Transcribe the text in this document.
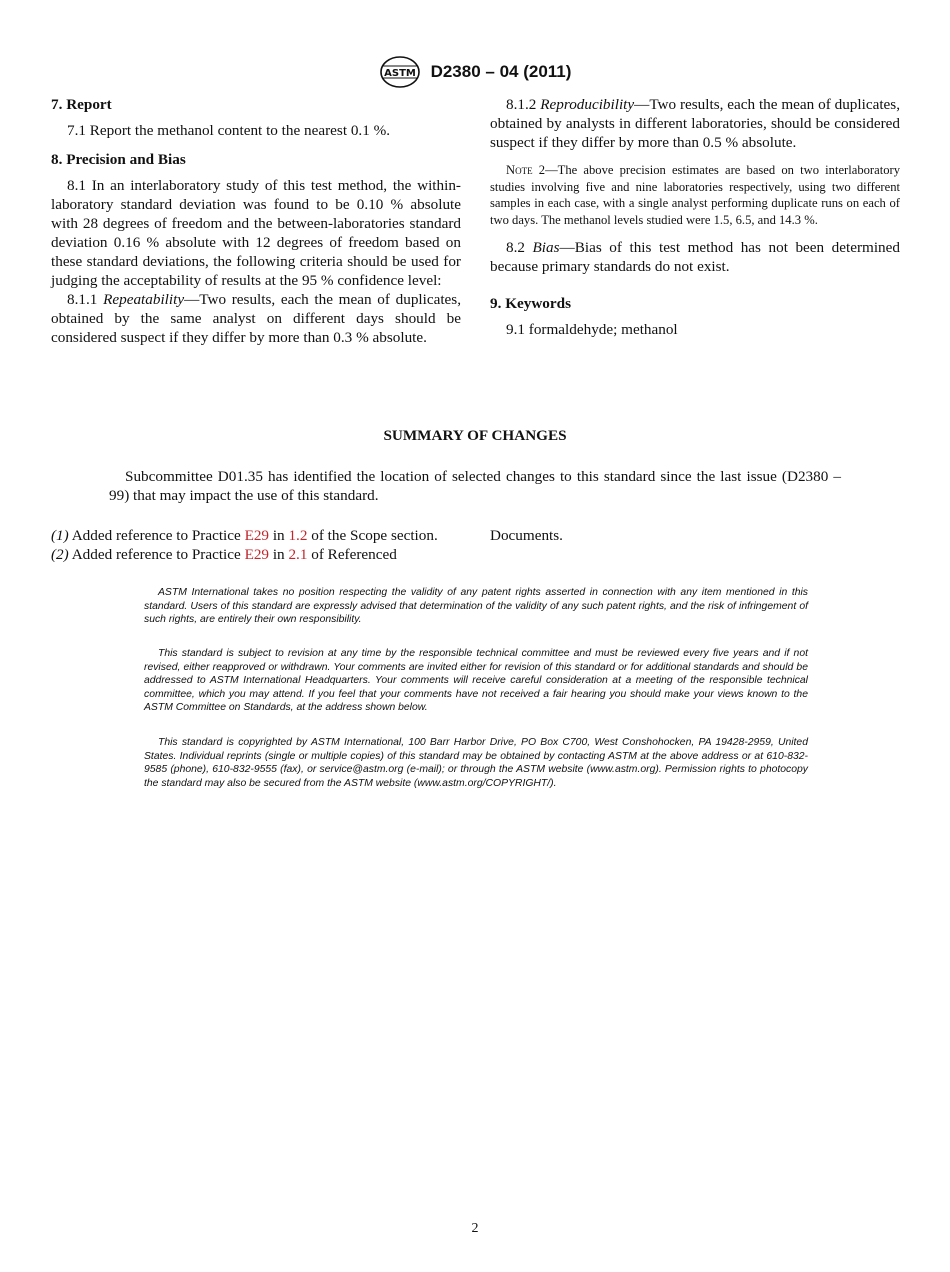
ASTM D2380 – 04 (2011)
7. Report

7.1 Report the methanol content to the nearest 0.1 %.

8. Precision and Bias

8.1 In an interlaboratory study of this test method, the within-laboratory standard deviation was found to be 0.10 % absolute with 28 degrees of freedom and the between-laboratories standard deviation 0.16 % absolute with 12 degrees of freedom based on these standard deviations, the following criteria should be used for judging the acceptability of results at the 95 % confidence level:

8.1.1 Repeatability—Two results, each the mean of duplicates, obtained by the same analyst on different days should be considered suspect if they differ by more than 0.3 % absolute.

8.1.2 Reproducibility—Two results, each the mean of duplicates, obtained by analysts in different laboratories, should be considered suspect if they differ by more than 0.5 % absolute.

Note 2—The above precision estimates are based on two interlaboratory studies involving five and nine laboratories respectively, using two different samples in each case, with a single analyst performing duplicate runs on each of two days. The methanol levels studied were 1.5, 6.5, and 14.3 %.

8.2 Bias—Bias of this test method has not been determined because primary standards do not exist.

9. Keywords

9.1 formaldehyde; methanol

SUMMARY OF CHANGES

Subcommittee D01.35 has identified the location of selected changes to this standard since the last issue (D2380 – 99) that may impact the use of this standard.

(1) Added reference to Practice E29 in 1.2 of the Scope section.
(2) Added reference to Practice E29 in 2.1 of Referenced
Documents.

ASTM International takes no position respecting the validity of any patent rights asserted in connection with any item mentioned in this standard. Users of this standard are expressly advised that determination of the validity of any such patent rights, and the risk of infringement of such rights, are entirely their own responsibility.

This standard is subject to revision at any time by the responsible technical committee and must be reviewed every five years and if not revised, either reapproved or withdrawn. Your comments are invited either for revision of this standard or for additional standards and should be addressed to ASTM International Headquarters. Your comments will receive careful consideration at a meeting of the responsible technical committee, which you may attend. If you feel that your comments have not received a fair hearing you should make your views known to the ASTM Committee on Standards, at the address shown below.

This standard is copyrighted by ASTM International, 100 Barr Harbor Drive, PO Box C700, West Conshohocken, PA 19428-2959, United States. Individual reprints (single or multiple copies) of this standard may be obtained by contacting ASTM at the above address or at 610-832-9585 (phone), 610-832-9555 (fax), or service@astm.org (e-mail); or through the ASTM website (www.astm.org). Permission rights to photocopy the standard may also be secured from the ASTM website (www.astm.org/COPYRIGHT/).

2
